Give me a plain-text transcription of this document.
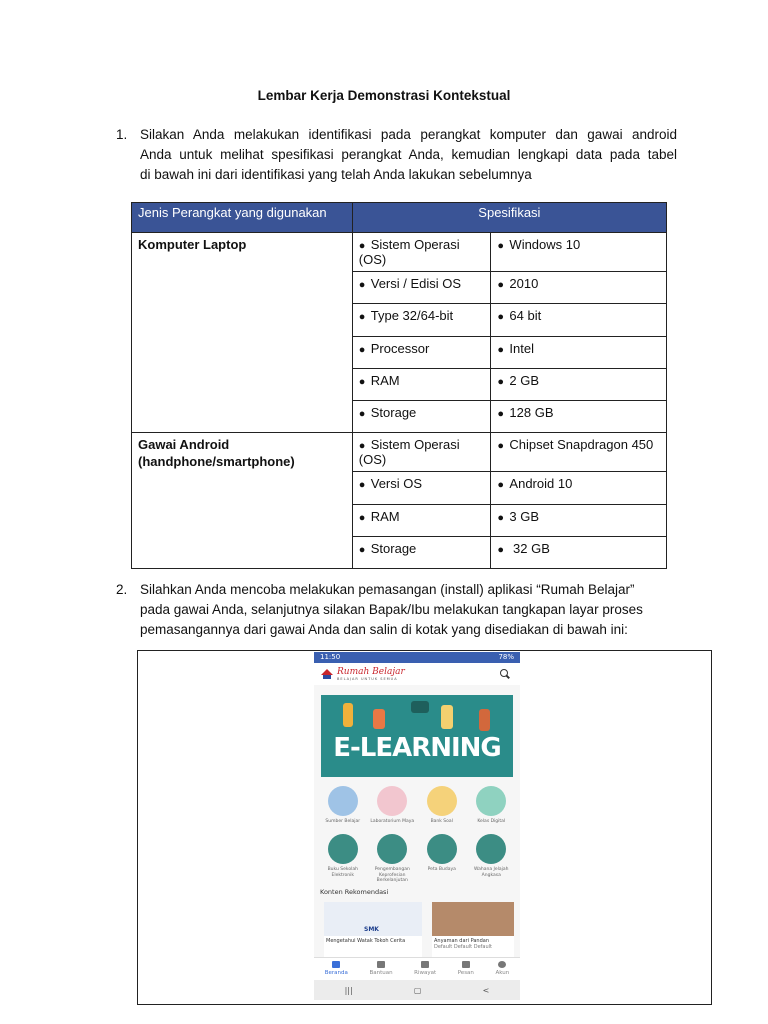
Lembar Kerja Demonstrasi Kontekstual
1. Silakan Anda melakukan identifikasi pada perangkat komputer dan gawai android
Anda untuk melihat spesifikasi perangkat Anda, kemudian lengkapi data pada tabel
di bawah ini dari identifikasi yang telah Anda lakukan sebelumnya
Jenis Perangkat yang digunakan	Spesifikasi	
Komputer Laptop	● Sistem Operasi (OS)	● Windows 10
	● Versi / Edisi OS	● 2010
	● Type 32/64-bit	● 64 bit
	● Processor	● Intel
	● RAM	● 2 GB
	● Storage	● 128 GB

Gawai Android
(handphone/smartphone)	● Sistem Operasi (OS)	● Chipset Snapdragon 450
	● Versi OS	● Android 10
	● RAM	● 3 GB
	● Storage	● 32 GB
2. Silahkan Anda mencoba melakukan pemasangan (install) aplikasi “Rumah Belajar”
pada gawai Anda, selanjutnya silakan Bapak/Ibu melakukan tangkapan layar proses
pemasangannya dari gawai Anda dan salin di kotak yang disediakan di bawah ini:
11:50	78%
Rumah Belajar
BELAJAR UNTUK SEMUA
E-LEARNING
Sumber Belajar Laboratorium Maya	Bank Soal	Kelas Digital
Buku Sekolah Elektronik
Pengembangan Keprofesian Berkelanjutan
Peta Budaya	Wahana Jelajah Angkasa
Konten Rekomendasi
SMK
Mengetahui Watak Tokoh Cerita	Anyaman dari Pandan
Default Default Default
Beranda	Bantuan	Riwayat	Pesan	Akun
|||	▢	<
